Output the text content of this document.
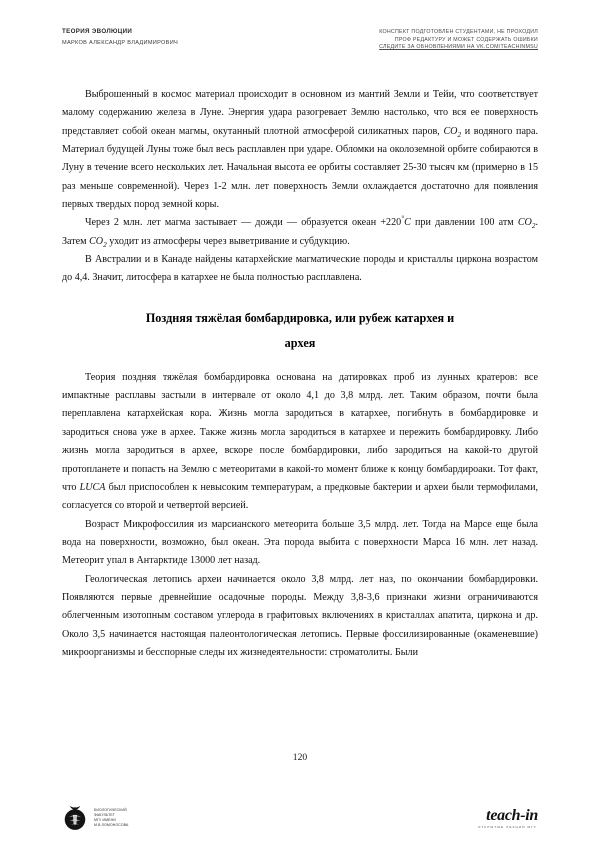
ТЕОРИЯ ЭВОЛЮЦИИ
МАРКОВ АЛЕКСАНДР ВЛАДИМИРОВИЧ
КОНСПЕКТ ПОДГОТОВЛЕН СТУДЕНТАМИ, НЕ ПРОХОДИЛ
ПРОФ РЕДАКТУРУ И МОЖЕТ СОДЕРЖАТЬ ОШИБКИ
СЛЕДИТЕ ЗА ОБНОВЛЕНИЯМИ НА VK.COM/TEACHINMSU

Выброшенный в космос материал происходит в основном из мантий Земли и Тейи, что соответствует малому содержанию железа в Луне. Энергия удара разогревает Землю настолько, что вся ее поверхность представляет собой океан магмы, окутанный плотной атмосферой силикатных паров, $CO_2$ и водяного пара. Материал будущей Луны тоже был весь расплавлен при ударе. Обломки на околоземной орбите собираются в Луну в течение всего нескольких лет. Начальная высота ее орбиты составляет 25-30 тысяч км (примерно в 15 раз меньше современной). Через 1-2 млн. лет поверхность Земли охлаждается достаточно для появления первых твердых пород земной коры.

Через 2 млн. лет магма застывает — дожди — образуется океан +220°C при давлении 100 атм $CO_2$. Затем $CO_2$ уходит из атмосферы через выветривание и субдукцию.

В Австралии и в Канаде найдены катархейские магматические породы и кристаллы циркона возрастом до 4,4. Значит, литосфера в катархее не была полностью расплавлена.

Поздняя тяжёлая бомбардировка, или рубеж катархея и
архея

Теория поздняя тяжёлая бомбардировка основана на датировках проб из лунных кратеров: все импактные расплавы застыли в интервале от около 4,1 до 3,8 млрд. лет. Таким образом, почти была переплавлена катархейская кора. Жизнь могла зародиться в катархее, погибнуть в бомбардировке и зародиться снова уже в архее. Также жизнь могла зародиться в катархее и пережить бомбардировку. Либо жизнь могла зародиться в архее, вскоре после бомбардировки, либо зародиться на какой-то другой протопланете и попасть на Землю с метеоритами в какой-то момент ближе к концу бомбардироаки. Тот факт, что LUCA был приспособлен к невысоким температурам, а предковые бактерии и археи были термофилами, согласуется со второй и четвертой версией.

Возраст Микрофоссилия из марсианского метеорита больше 3,5 млрд. лет. Тогда на Марсе еще была вода на поверхности, возможно, был океан. Эта порода выбита с поверхности Марса 16 млн. лет назад. Метеорит упал в Антарктиде 13000 лет назад.

Геологическая летопись археи начинается около 3,8 млрд. лет наз, по окончании бомбардировки. Появляются первые древнейшие осадочные породы. Между 3,8-3,6 признаки жизни ограничиваются облегченным изотопным составом углерода в графитовых включениях в кристаллах апатита, циркона и др. Около 3,5 начинается настоящая палеонтологическая летопись. Первые фоссилизированные (окаменевшие) микроорганизмы и бесспорные следы их жизнедеятельности: строматолиты. Были

120
БИОЛОГИЧЕСКИЙ
ФАКУЛЬТЕТ
МГУ ИМЕНИ
М.В.ЛОМОНОСОВА
teach-in
ОТКРЫТЫЕ ЛЕКЦИИ МГУ
